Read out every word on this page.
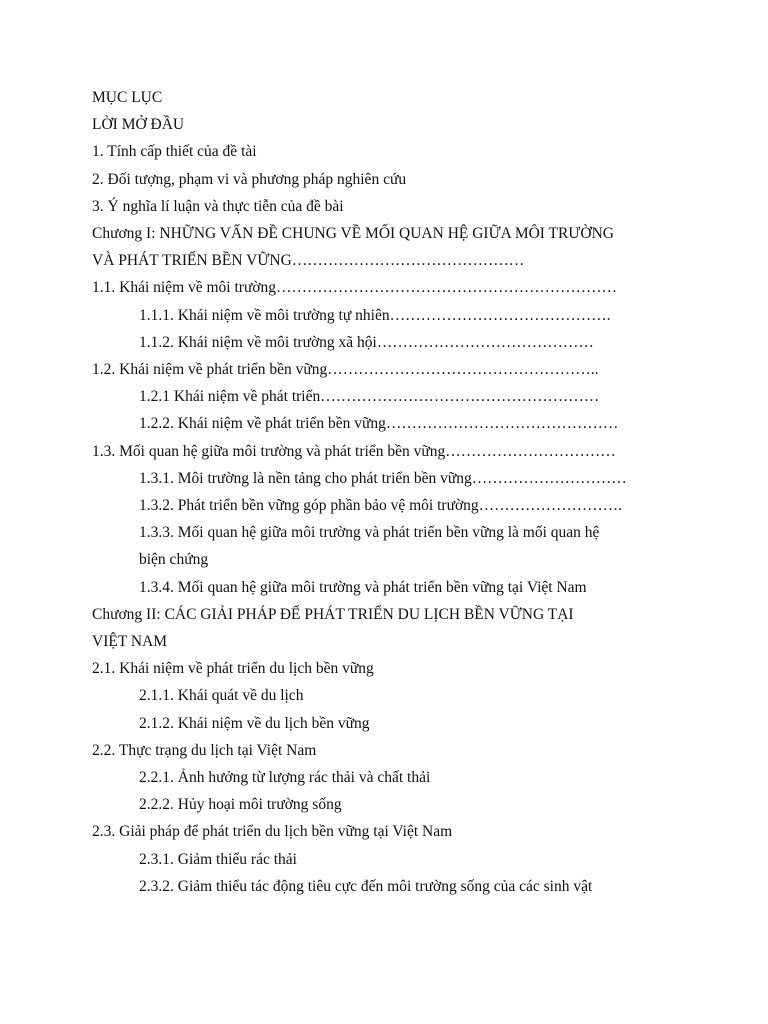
MỤC LỤC
LỜI MỞ ĐẦU
1. Tính cấp thiết của đề tài
2. Đối tượng, phạm vi và phương pháp nghiên cứu
3. Ý nghĩa lí luận và thực tiễn của đề bài
Chương I: NHỮNG VẤN ĐỀ CHUNG VỀ MỐI QUAN HỆ GIỮA MÔI TRƯỜNG
VÀ PHÁT TRIỂN BỀN VỮNG………………………………………
1.1. Khái niệm về môi trường…………………………………………………………
1.1.1. Khái niệm về môi trường tự nhiên…………………………………….
1.1.2. Khái niệm về môi trường xã hội……………………………………
1.2. Khái niệm về phát triển bền vững……………………………………………..
1.2.1 Khái niệm về phát triển………………………………………………
1.2.2. Khái niệm về phát triển bền vững………………………………………
1.3. Mối quan hệ giữa môi trường và phát triển bền vững……………………………
1.3.1. Môi trường là nền tảng cho phát triển bền vững…………………………
1.3.2. Phát triển bền vững góp phần bảo vệ môi trường……………………….
1.3.3. Mối quan hệ giữa môi trường và phát triển bền vững là mối quan hệ
biện chứng
1.3.4. Mối quan hệ giữa môi trường và phát triển bền vững tại Việt Nam
Chương II: CÁC GIẢI PHÁP ĐỂ PHÁT TRIỂN DU LỊCH BỀN VỮNG TẠI
VIỆT NAM
2.1. Khái niệm về phát triển du lịch bền vững
2.1.1. Khái quát về du lịch
2.1.2. Khái niệm về du lịch bền vững
2.2. Thực trạng du lịch tại Việt Nam
2.2.1. Ảnh hưởng từ lượng rác thải và chất thải
2.2.2. Hủy hoại môi trường sống
2.3. Giải pháp để phát triển du lịch bền vững tại Việt Nam
2.3.1. Giảm thiểu rác thải
2.3.2. Giảm thiểu tác động tiêu cực đến môi trường sống của các sinh vật
